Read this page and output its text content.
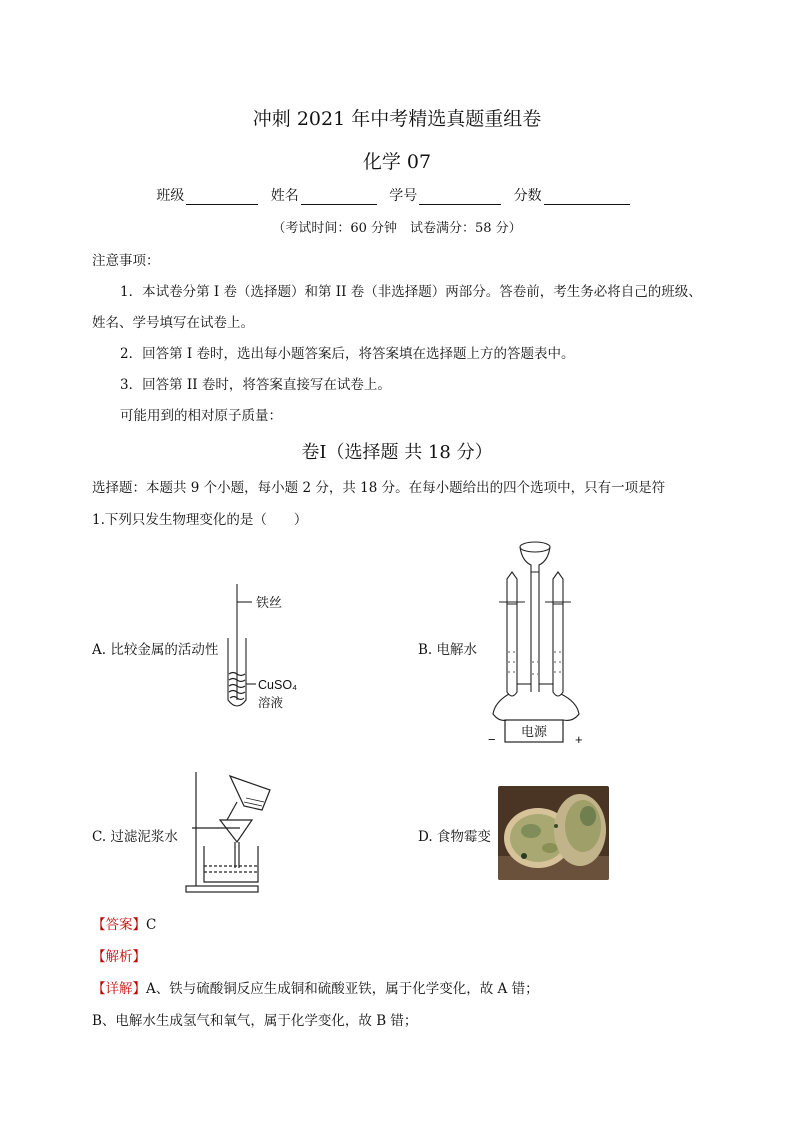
冲刺 2021 年中考精选真题重组卷
化学 07
班级	姓名	学号	分数
（考试时间：60 分钟　试卷满分：58 分）
注意事项：
1．本试卷分第 I 卷（选择题）和第 II 卷（非选择题）两部分。答卷前，考生务必将自己的班级、
姓名、学号填写在试卷上。
2．回答第 I 卷时，选出每小题答案后，将答案填在选择题上方的答题表中。
3．回答第 II 卷时，将答案直接写在试卷上。
可能用到的相对原子质量：
卷Ⅰ（选择题 共 18 分）
选择题：本题共 9 个小题，每小题 2 分，共 18 分。在每小题给出的四个选项中，只有一项是符
1.下列只发生物理变化的是（　　）
A. 比较金属的活动性	B. 电解水
C. 过滤泥浆水	D. 食物霉变
铁丝
CuSO₄
溶液
电源
−	+
【答案】C
【解析】
【详解】A、铁与硫酸铜反应生成铜和硫酸亚铁，属于化学变化，故 A 错；
B、电解水生成氢气和氧气，属于化学变化，故 B 错；
